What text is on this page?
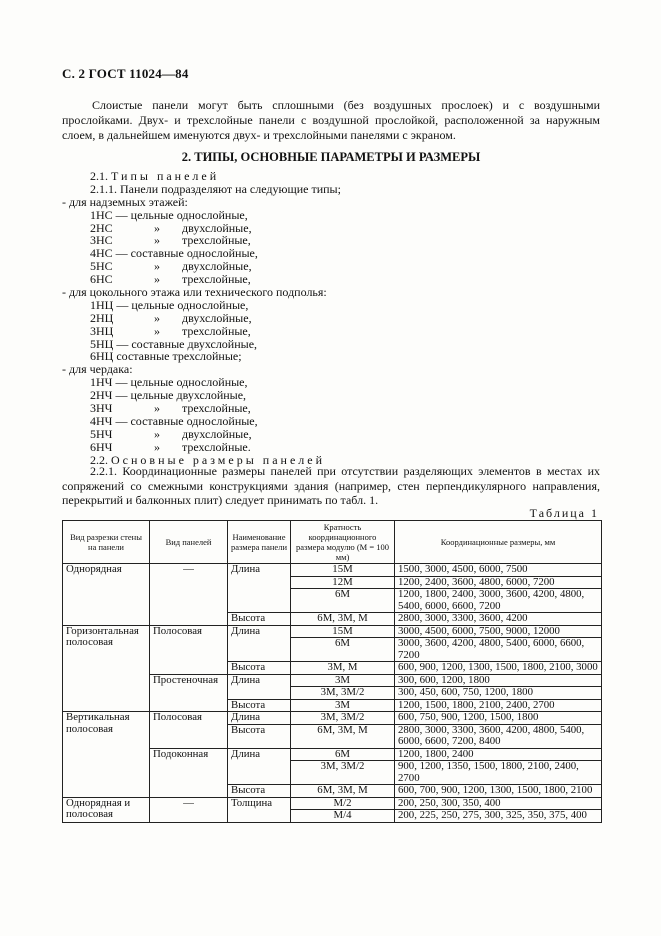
С. 2 ГОСТ 11024—84

Слоистые панели могут быть сплошными (без воздушных прослоек) и с воздушными прослойками. Двух- и трехслойные панели с воздушной прослойкой, расположенной за наружным слоем, в дальнейшем именуются двух- и трехслойными панелями с экраном.

2. ТИПЫ, ОСНОВНЫЕ ПАРАМЕТРЫ И РАЗМЕРЫ
2.1. Типы панелей
2.1.1. Панели подразделяют на следующие типы;
- для надземных этажей:
1НС — цельные однослойные,
2НС	» двухслойные,
3НС	» трехслойные,
4НС — составные однослойные,
5НС	» двухслойные,
6НС	» трехслойные,
- для цокольного этажа или технического подполья:
1НЦ — цельные однослойные,
2НЦ	» двухслойные,
3НЦ	» трехслойные,
5НЦ — составные двухслойные,
6НЦ составные трехслойные;
- для чердака:
1НЧ — цельные однослойные,
2НЧ — цельные двухслойные,
3НЧ	» трехслойные,
4НЧ — составные однослойные,
5НЧ	» двухслойные,
6НЧ	» трехслойные.
2.2. Основные размеры панелей

2.2.1. Координационные размеры панелей при отсутствии разделяющих элементов в местах их сопряжений со смежными конструкциями здания (например, стен перпендикулярного направления, перекрытий и балконных плит) следует принимать по табл. 1.

Таблица 1
Вид разрезки стены на панели	Вид панелей	Наименование размера панели	Кратность координационного размера модулю (М = 100 мм)	Координационные размеры, мм
Однорядная	—	Длина	15М	1500, 3000, 4500, 6000, 7500
			12М	1200, 2400, 3600, 4800, 6000, 7200
			6М	1200, 1800, 2400, 3000, 3600, 4200, 4800, 5400, 6000, 6600, 7200
		Высота	6М, 3М, М	2800, 3000, 3300, 3600, 4200
Горизонтальная полосовая	Полосовая	Длина	15М	3000, 4500, 6000, 7500, 9000, 12000
			6М	3000, 3600, 4200, 4800, 5400, 6000, 6600, 7200
		Высота	3М, М	600, 900, 1200, 1300, 1500, 1800, 2100, 3000
	Простеночная	Длина	3М	300, 600, 1200, 1800
			3М, 3М/2	300, 450, 600, 750, 1200, 1800
		Высота	3М	1200, 1500, 1800, 2100, 2400, 2700
Вертикальная полосовая	Полосовая	Длина	3М, 3М/2	600, 750, 900, 1200, 1500, 1800
		Высота	6М, 3М, М	2800, 3000, 3300, 3600, 4200, 4800, 5400, 6000, 6600, 7200, 8400
	Подоконная	Длина	6М	1200, 1800, 2400
			3М, 3М/2	900, 1200, 1350, 1500, 1800, 2100, 2400, 2700
		Высота	6М, 3М, М	600, 700, 900, 1200, 1300, 1500, 1800, 2100
Однорядная и полосовая	—	Толщина	М/2	200, 250, 300, 350, 400
			М/4	200, 225, 250, 275, 300, 325, 350, 375, 400
